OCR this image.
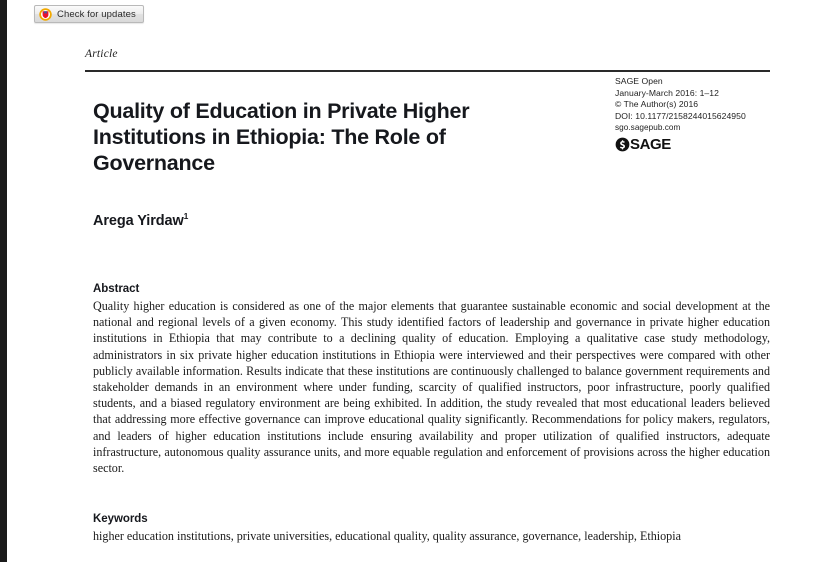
Check for updates
Article
Quality of Education in Private Higher Institutions in Ethiopia: The Role of Governance
SAGE Open
January-March 2016: 1–12
© The Author(s) 2016
DOI: 10.1177/2158244015624950
sgo.sagepub.com
SAGE
Arega Yirdaw$^1$
Abstract

Quality higher education is considered as one of the major elements that guarantee sustainable economic and social development at the national and regional levels of a given economy. This study identified factors of leadership and governance in private higher education institutions in Ethiopia that may contribute to a declining quality of education. Employing a qualitative case study methodology, administrators in six private higher education institutions in Ethiopia were interviewed and their perspectives were compared with other publicly available information. Results indicate that these institutions are continuously challenged to balance government requirements and stakeholder demands in an environment where under funding, scarcity of qualified instructors, poor infrastructure, poorly qualified students, and a biased regulatory environment are being exhibited. In addition, the study revealed that most educational leaders believed that addressing more effective governance can improve educational quality significantly. Recommendations for policy makers, regulators, and leaders of higher education institutions include ensuring availability and proper utilization of qualified instructors, adequate infrastructure, autonomous quality assurance units, and more equable regulation and enforcement of provisions across the higher education sector.

Keywords

higher education institutions, private universities, educational quality, quality assurance, governance, leadership, Ethiopia
